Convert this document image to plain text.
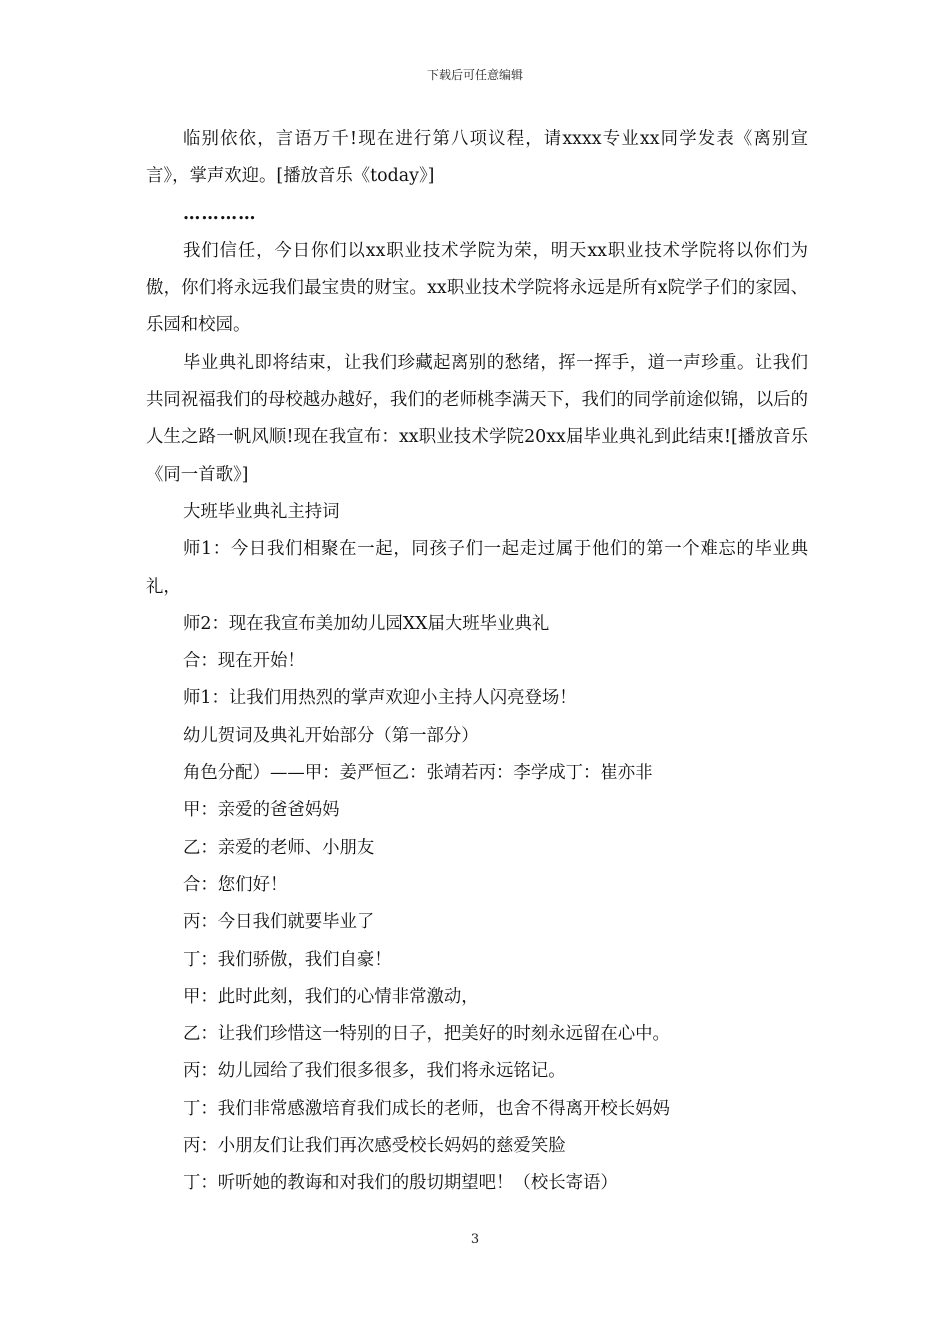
下载后可任意编辑

临别依依，言语万千!现在进行第八项议程，请xxxx专业xx同学发表《离别宣言》，掌声欢迎。[播放音乐《today》]

…………

我们信任，今日你们以xx职业技术学院为荣，明天xx职业技术学院将以你们为傲，你们将永远我们最宝贵的财宝。xx职业技术学院将永远是所有x院学子们的家园、乐园和校园。

毕业典礼即将结束，让我们珍藏起离别的愁绪，挥一挥手，道一声珍重。让我们共同祝福我们的母校越办越好，我们的老师桃李满天下，我们的同学前途似锦，以后的人生之路一帆风顺!现在我宣布：xx职业技术学院20xx届毕业典礼到此结束![播放音乐《同一首歌》]

大班毕业典礼主持词

师1：今日我们相聚在一起，同孩子们一起走过属于他们的第一个难忘的毕业典礼，

师2：现在我宣布美加幼儿园XX届大班毕业典礼

合：现在开始！

师1：让我们用热烈的掌声欢迎小主持人闪亮登场！

幼儿贺词及典礼开始部分（第一部分）

角色分配）——甲：姜严恒乙：张靖若丙：李学成丁：崔亦非

甲：亲爱的爸爸妈妈

乙：亲爱的老师、小朋友

合：您们好！

丙：今日我们就要毕业了

丁：我们骄傲，我们自豪！

甲：此时此刻，我们的心情非常激动，

乙：让我们珍惜这一特别的日子，把美好的时刻永远留在心中。

丙：幼儿园给了我们很多很多，我们将永远铭记。

丁：我们非常感激培育我们成长的老师，也舍不得离开校长妈妈

丙：小朋友们让我们再次感受校长妈妈的慈爱笑脸

丁：听听她的教诲和对我们的殷切期望吧！（校长寄语）

3
